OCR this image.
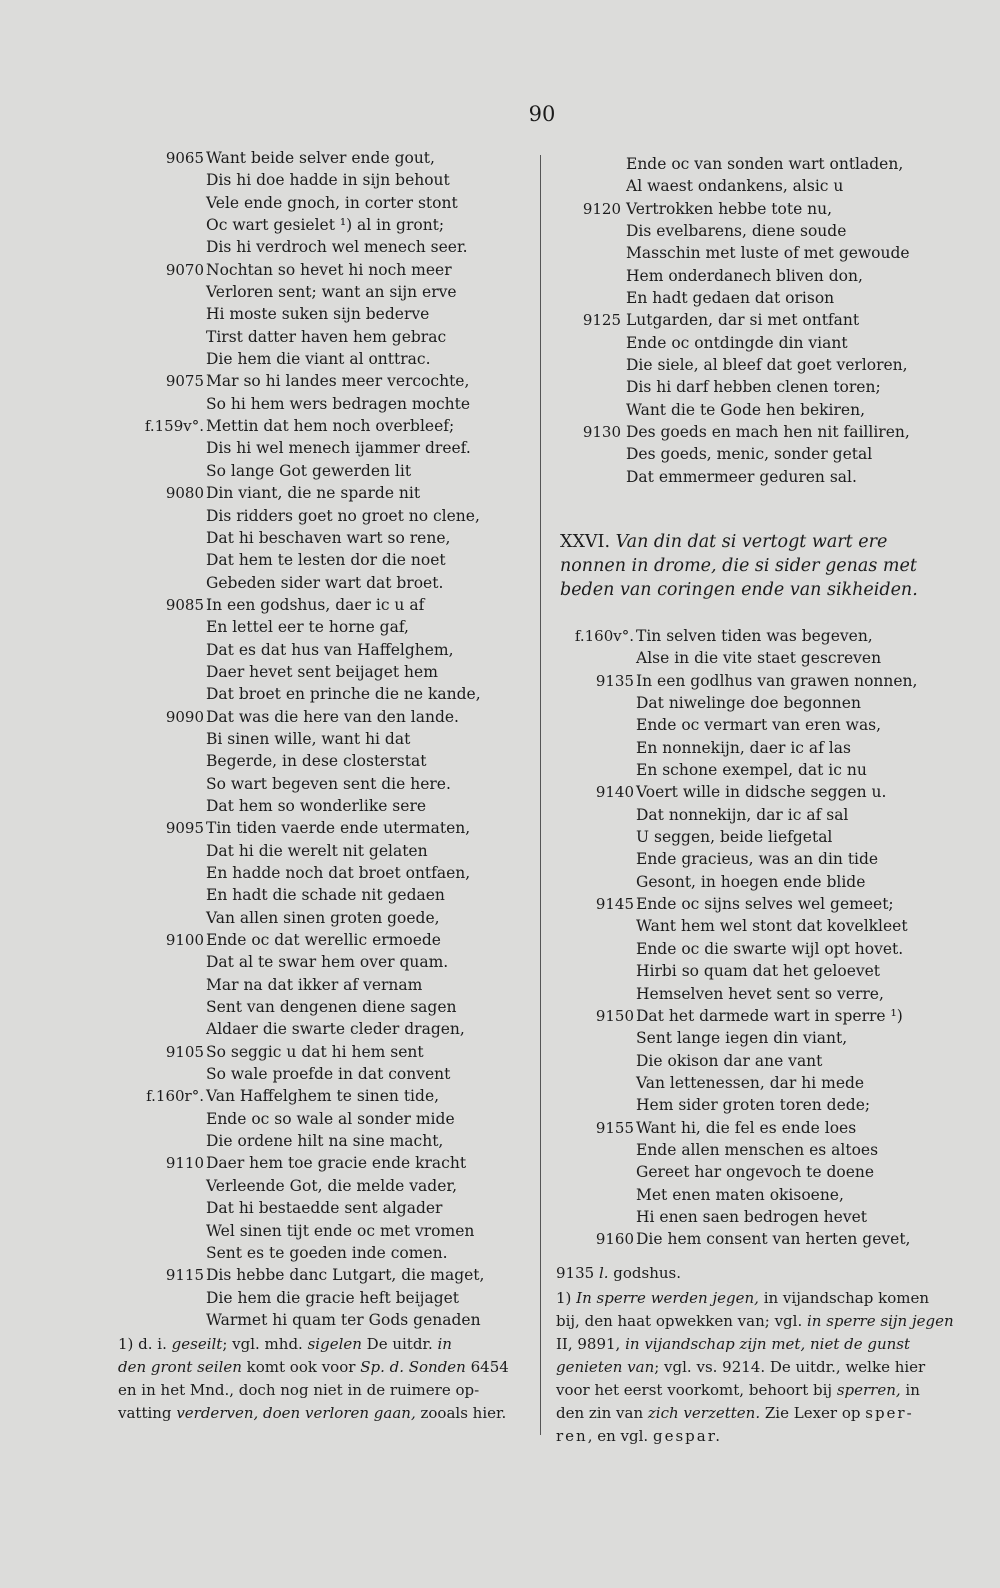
90
9065 Want beide selver ende gout,
Dis hi doe hadde in sijn behout
Vele ende gnoch, in corter stont
Oc wart gesielet ¹) al in gront;
Dis hi verdroch wel menech seer.
9070 Nochtan so hevet hi noch meer
Verloren sent; want an sijn erve
Hi moste suken sijn bederve
Tirst datter haven hem gebrac
Die hem die viant al onttrac.
9075 Mar so hi landes meer vercochte,
So hi hem wers bedragen mochte
f.159v°. Mettin dat hem noch overbleef;
Dis hi wel menech ijammer dreef.
So lange Got gewerden lit
9080 Din viant, die ne sparde nit
Dis ridders goet no groet no clene,
Dat hi beschaven wart so rene,
Dat hem te lesten dor die noet
Gebeden sider wart dat broet.
9085 In een godshus, daer ic u af
En lettel eer te horne gaf,
Dat es dat hus van Haffelghem,
Daer hevet sent beijaget hem
Dat broet en prinche die ne kande,
9090 Dat was die here van den lande.
Bi sinen wille, want hi dat
Begerde, in dese closterstat
So wart begeven sent die here.
Dat hem so wonderlike sere
9095 Tin tiden vaerde ende utermaten,
Dat hi die werelt nit gelaten
En hadde noch dat broet ontfaen,
En hadt die schade nit gedaen
Van allen sinen groten goede,
9100 Ende oc dat werellic ermoede
Dat al te swar hem over quam.
Mar na dat ikker af vernam
Sent van dengenen diene sagen
Aldaer die swarte cleder dragen,
9105 So seggic u dat hi hem sent
So wale proefde in dat convent
f.160r°. Van Haffelghem te sinen tide,
Ende oc so wale al sonder mide
Die ordene hilt na sine macht,
9110 Daer hem toe gracie ende kracht
Verleende Got, die melde vader,
Dat hi bestaedde sent algader
Wel sinen tijt ende oc met vromen
Sent es te goeden inde comen.
9115 Dis hebbe danc Lutgart, die maget,
Die hem die gracie heft beijaget
Warmet hi quam ter Gods genaden
1) d. i. geseilt; vgl. mhd. sigelen De uitdr. in
den gront seilen komt ook voor Sp. d. Sonden 6454
en in het Mnd., doch nog niet in de ruimere op-
vatting verderven, doen verloren gaan, zooals hier.
Ende oc van sonden wart ontladen,
Al waest ondankens, alsic u
9120 Vertrokken hebbe tote nu,
Dis evelbarens, diene soude
Masschin met luste of met gewoude
Hem onderdanech bliven don,
En hadt gedaen dat orison
9125 Lutgarden, dar si met ontfant
Ende oc ontdingde din viant
Die siele, al bleef dat goet verloren,
Dis hi darf hebben clenen toren;
Want die te Gode hen bekiren,
9130 Des goeds en mach hen nit failliren,
Des goeds, menic, sonder getal
Dat emmermeer geduren sal.
XXVI. Van din dat si vertogt wart ere
nonnen in drome, die si sider genas met
beden van coringen ende van sikheiden.
f.160v°. Tin selven tiden was begeven,
Alse in die vite staet gescreven
9135 In een godlhus van grawen nonnen,
Dat niwelinge doe begonnen
Ende oc vermart van eren was,
En nonnekijn, daer ic af las
En schone exempel, dat ic nu
9140 Voert wille in didsche seggen u.
Dat nonnekijn, dar ic af sal
U seggen, beide liefgetal
Ende gracieus, was an din tide
Gesont, in hoegen ende blide
9145 Ende oc sijns selves wel gemeet;
Want hem wel stont dat kovelkleet
Ende oc die swarte wijl opt hovet.
Hirbi so quam dat het geloevet
Hemselven hevet sent so verre,
9150 Dat het darmede wart in sperre ¹)
Sent lange iegen din viant,
Die okison dar ane vant
Van lettenessen, dar hi mede
Hem sider groten toren dede;
9155 Want hi, die fel es ende loes
Ende allen menschen es altoes
Gereet har ongevoch te doene
Met enen maten okisoene,
Hi enen saen bedrogen hevet
9160 Die hem consent van herten gevet,
9135 l. godshus.
1) In sperre werden jegen, in vijandschap komen
bij, den haat opwekken van; vgl. in sperre sijn jegen
II, 9891, in vijandschap zijn met, niet de gunst
genieten van; vgl. vs. 9214. De uitdr., welke hier
voor het eerst voorkomt, behoort bij sperren, in
den zin van zich verzetten. Zie Lexer op sper-
ren, en vgl. gespar.
